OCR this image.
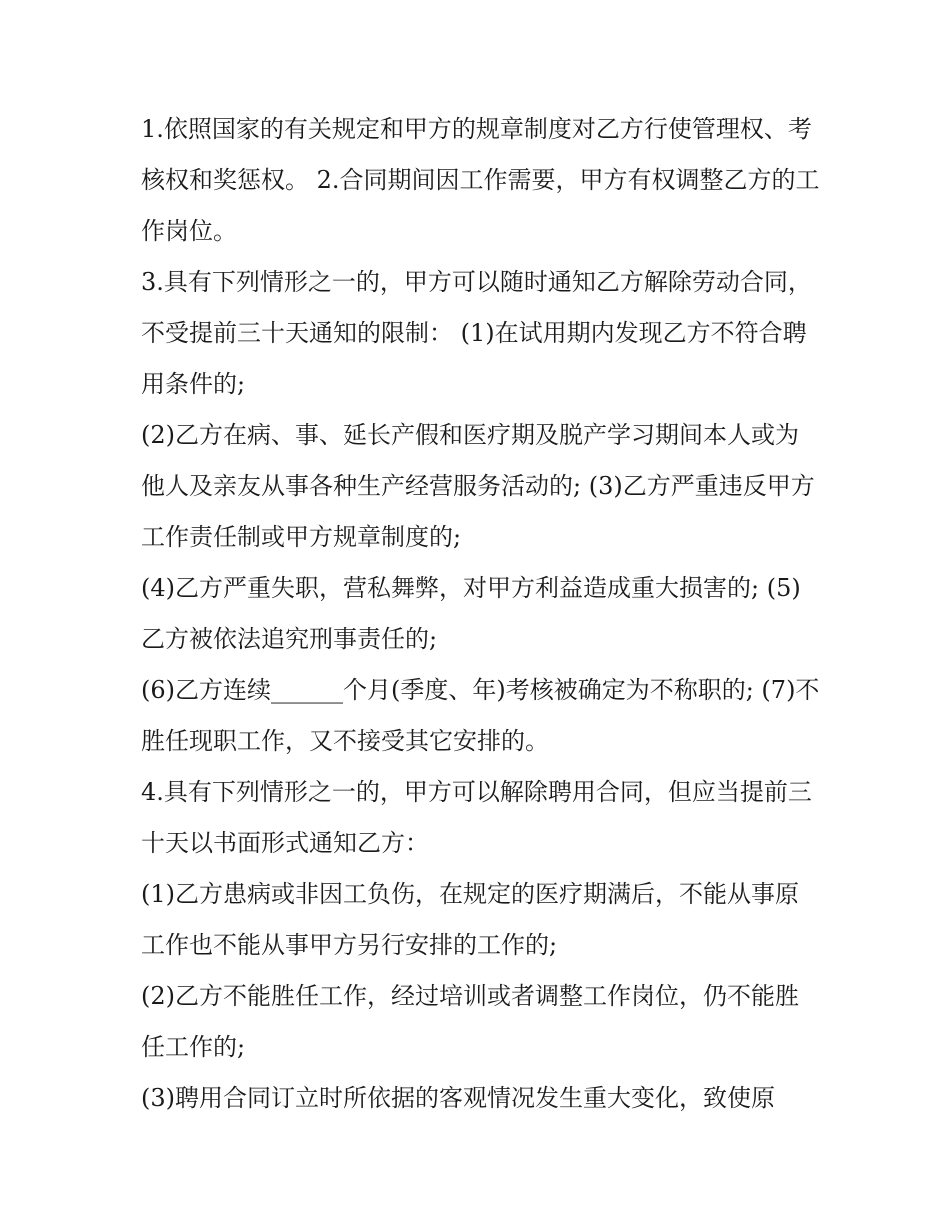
1.依照国家的有关规定和甲方的规章制度对乙方行使管理权、考核权和奖惩权。 2.合同期间因工作需要，甲方有权调整乙方的工作岗位。

3.具有下列情形之一的，甲方可以随时通知乙方解除劳动合同，不受提前三十天通知的限制： (1)在试用期内发现乙方不符合聘用条件的;

(2)乙方在病、事、延长产假和医疗期及脱产学习期间本人或为他人及亲友从事各种生产经营服务活动的; (3)乙方严重违反甲方工作责任制或甲方规章制度的;

(4)乙方严重失职，营私舞弊，对甲方利益造成重大损害的; (5)乙方被依法追究刑事责任的;

(6)乙方连续______个月(季度、年)考核被确定为不称职的; (7)不胜任现职工作，又不接受其它安排的。

4.具有下列情形之一的，甲方可以解除聘用合同，但应当提前三十天以书面形式通知乙方：

(1)乙方患病或非因工负伤，在规定的医疗期满后，不能从事原工作也不能从事甲方另行安排的工作的;

(2)乙方不能胜任工作，经过培训或者调整工作岗位，仍不能胜任工作的;

(3)聘用合同订立时所依据的客观情况发生重大变化，致使原
